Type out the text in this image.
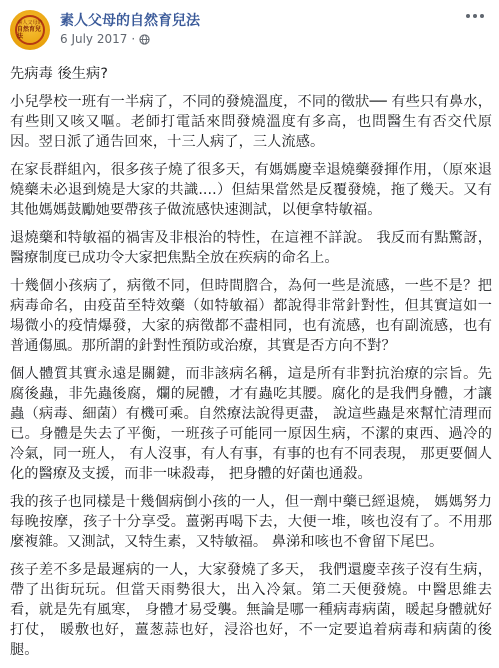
素人父母的
自然育兒法

素人父母的自然育兒法

6 July 2017 ·

先病毒 後生病?

小兒學校一班有一半病了，不同的發燒溫度，不同的徵狀── 有些只有鼻水，有些則又咳又嘔。老師打電話來問發燒溫度有多高，也問醫生有否交代原因。翌日派了通告回來，十三人病了，三人流感。

在家長群組內，很多孩子燒了很多天，有媽媽慶幸退燒藥發揮作用，（原來退燒藥未必退到燒是大家的共識....）但結果當然是反覆發燒，拖了幾天。又有其他媽媽鼓勵她要帶孩子做流感快速測試，以便拿特敏福。

退燒藥和特敏福的禍害及非根治的特性，在這裡不詳說。 我反而有點驚訝，醫療制度已成功令大家把焦點全放在疾病的命名上。

十幾個小孩病了，病徵不同，但時間脗合，為何一些是流感，一些不是？把病毒命名，由疫苗至特效藥（如特敏福）都說得非常針對性，但其實這如一場微小的疫情爆發，大家的病徵都不盡相同，也有流感，也有副流感，也有普通傷風。那所謂的針對性預防或治療，其實是否方向不對？

個人體質其實永遠是關鍵，而非該病名稱，這是所有非對抗治療的宗旨。先腐後蟲，非先蟲後腐，爛的屍體，才有蟲吃其腰。腐化的是我們身體，才讓蟲（病毒、細菌）有機可乘。自然療法說得更盡， 說這些蟲是來幫忙清理而已。身體是失去了平衡，一班孩子可能同一原因生病，不潔的東西、過冷的冷氣，同一班人， 有人沒事，有人有事，有事的也有不同表現， 那更要個人化的醫療及支援，而非一味殺毒， 把身體的好菌也通殺。

我的孩子也同樣是十幾個病倒小孩的一人，但一劑中藥已經退燒， 媽媽努力每晚按摩，孩子十分享受。薑粥再喝下去，大便一堆，咳也沒有了。不用那麼複雜。又測試，又特生素，又特敏福。 鼻涕和咳也不會留下尾巴。

孩子差不多是最遲病的一人，大家發燒了多天， 我們還慶幸孩子沒有生病，帶了出街玩玩。但當天雨勢很大，出入冷氣。第二天便發燒。中醫思維去看，就是先有風寒， 身體才易受襲。無論是哪一種病毒病菌，暖起身體就好打仗， 暖敷也好，薑葱蒜也好，浸浴也好，不一定要追着病毒和病菌的後腿。
